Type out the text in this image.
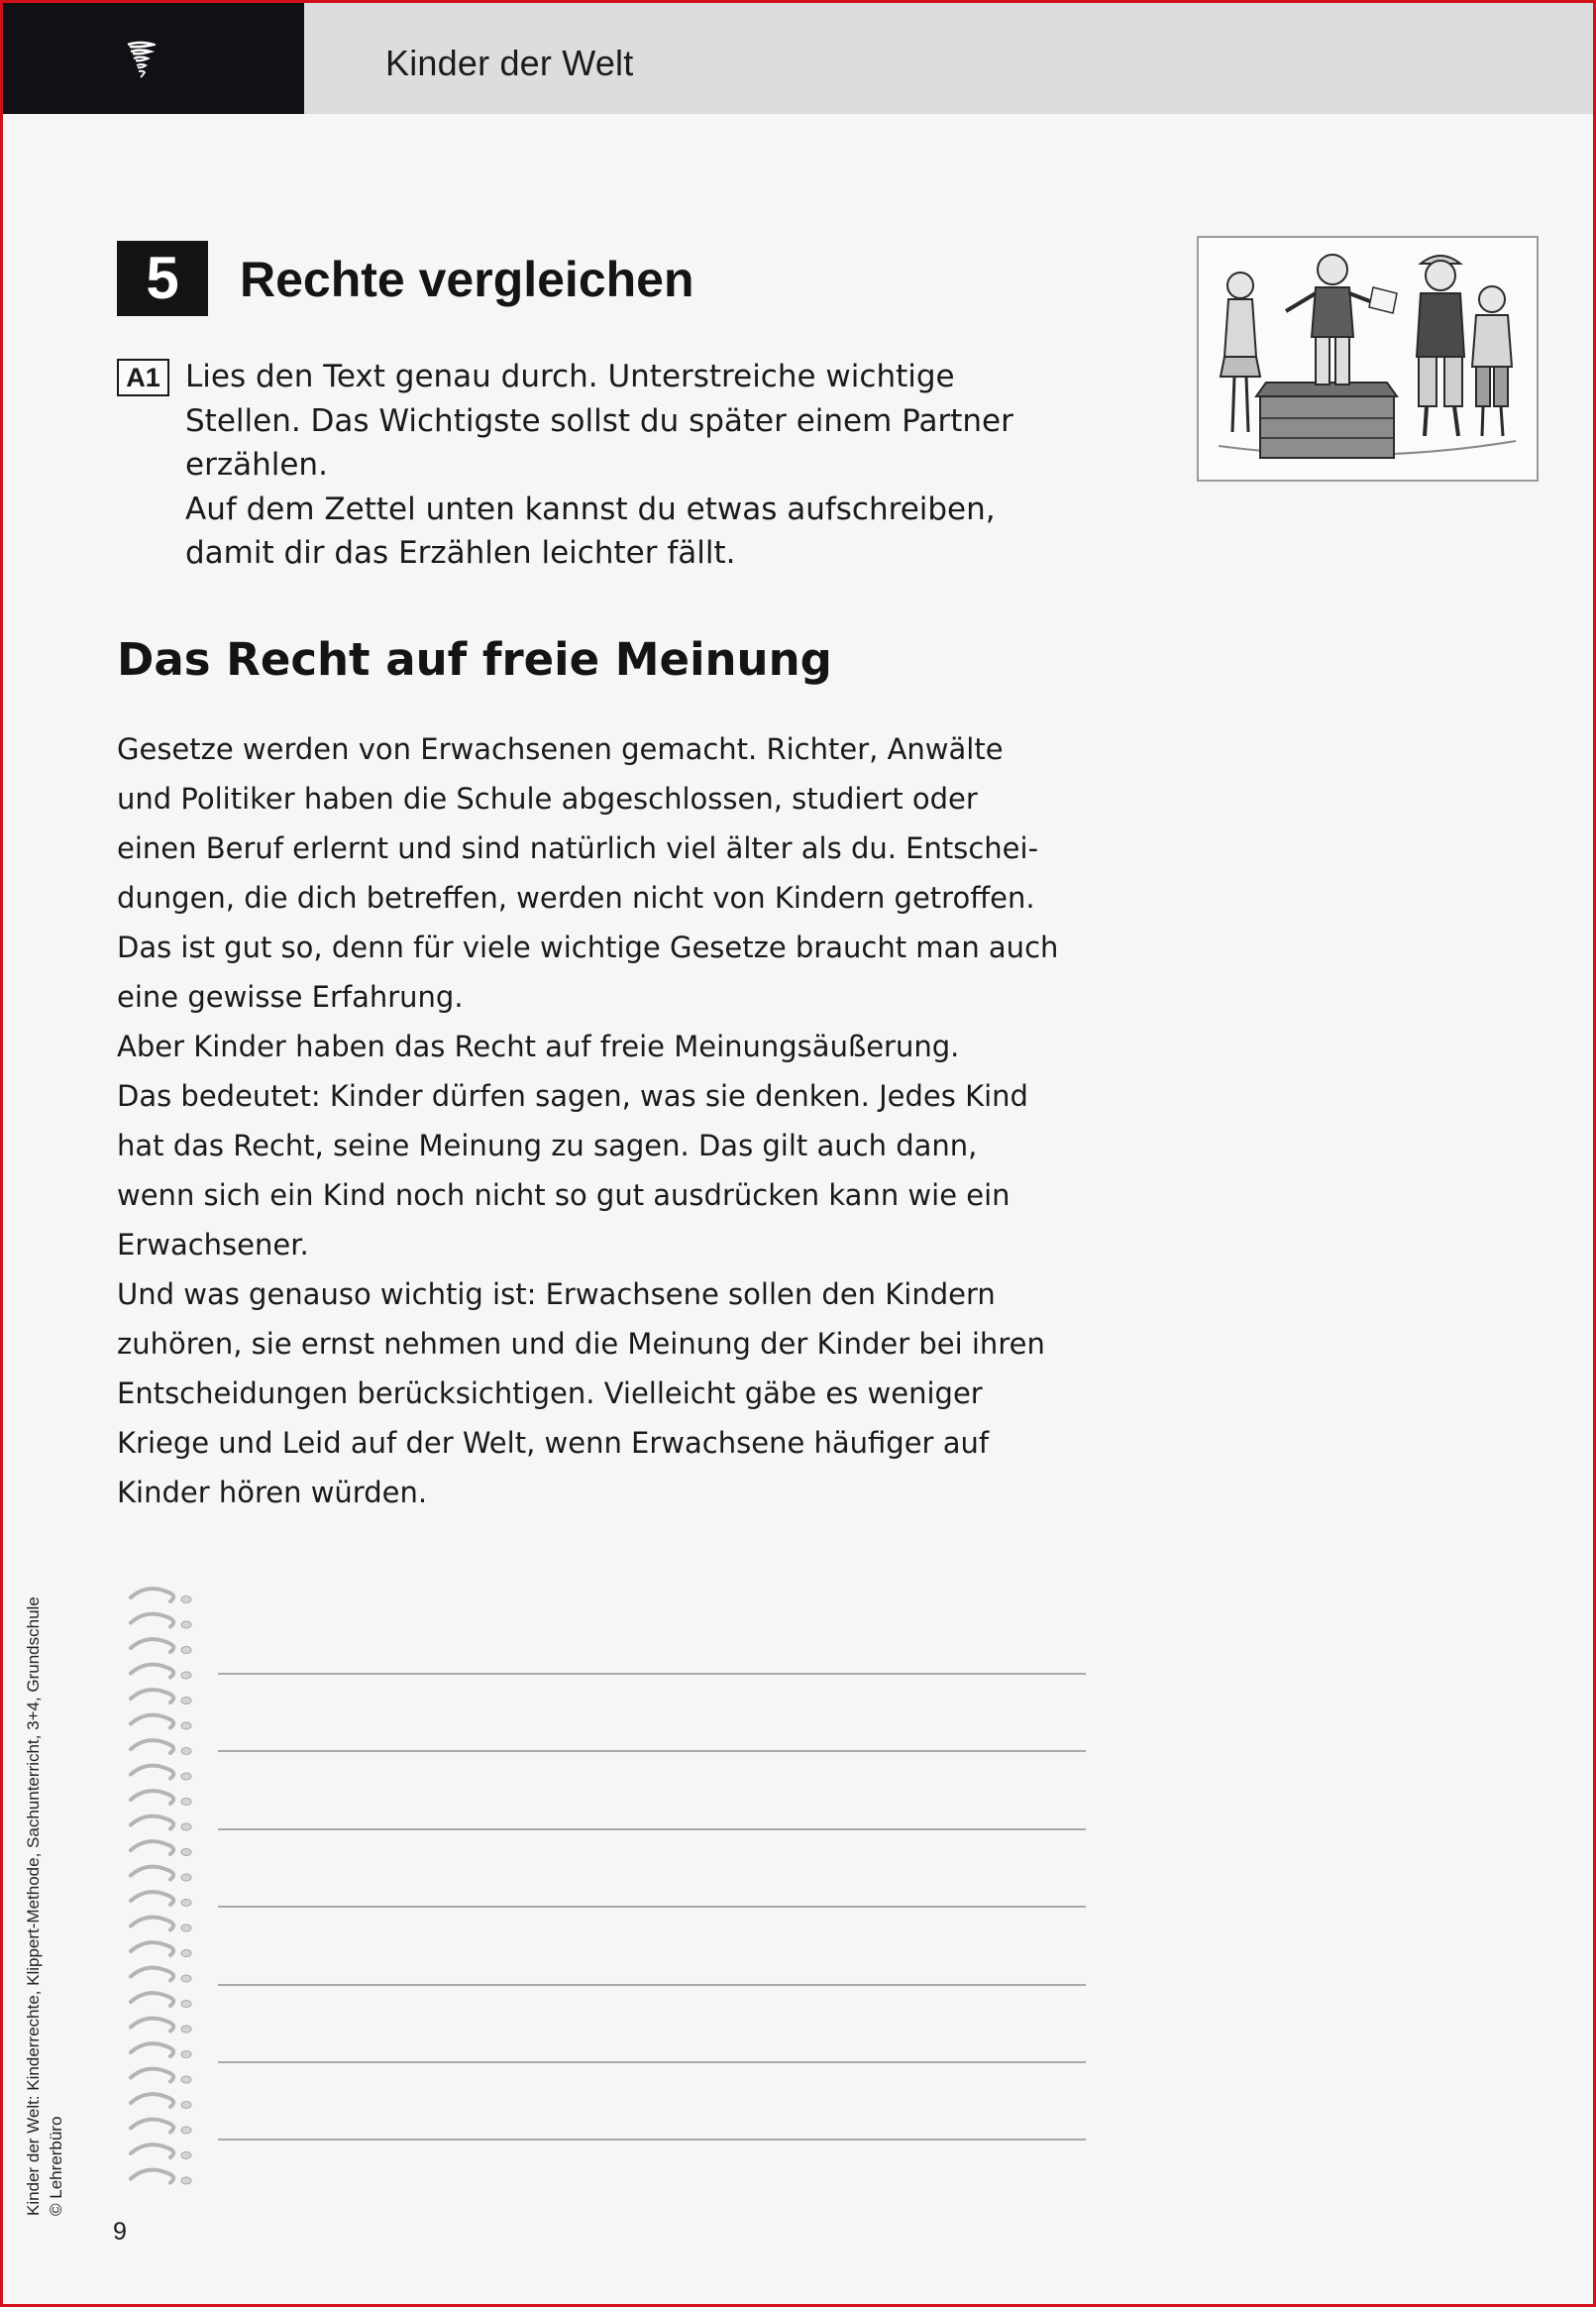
Kinder der Welt
5	Rechte vergleichen
A1 Lies den Text genau durch. Unterstreiche wichtige
Stellen. Das Wichtigste sollst du später einem Partner
erzählen.
Auf dem Zettel unten kannst du etwas aufschreiben,
damit dir das Erzählen leichter fällt.
Das Recht auf freie Meinung
Gesetze werden von Erwachsenen gemacht. Richter, Anwälte
und Politiker haben die Schule abgeschlossen, studiert oder
einen Beruf erlernt und sind natürlich viel älter als du. Entschei-
dungen, die dich betreffen, werden nicht von Kindern getroffen.
Das ist gut so, denn für viele wichtige Gesetze braucht man auch
eine gewisse Erfahrung.
Aber Kinder haben das Recht auf freie Meinungsäußerung.
Das bedeutet: Kinder dürfen sagen, was sie denken. Jedes Kind
hat das Recht, seine Meinung zu sagen. Das gilt auch dann,
wenn sich ein Kind noch nicht so gut ausdrücken kann wie ein
Erwachsener.
Und was genauso wichtig ist: Erwachsene sollen den Kindern
zuhören, sie ernst nehmen und die Meinung der Kinder bei ihren
Entscheidungen berücksichtigen. Vielleicht gäbe es weniger
Kriege und Leid auf der Welt, wenn Erwachsene häufiger auf
Kinder hören würden.
Kinder der Welt: Kinderrechte, Klippert-Methode, Sachunterricht, 3+4, Grundschule © Lehrerbüro
9
